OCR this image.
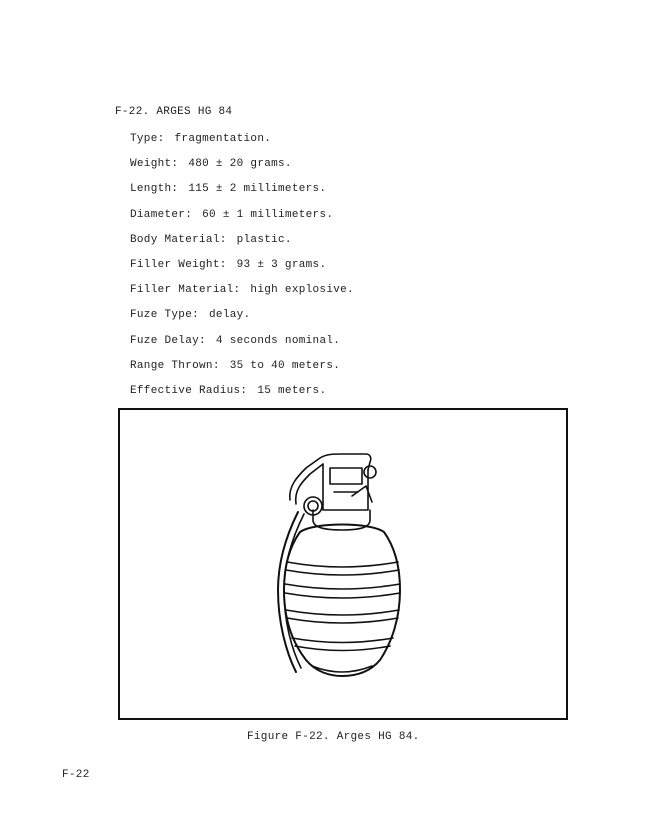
F-22. ARGES HG 84
Type: fragmentation.
Weight: 480 ± 20 grams.
Length: 115 ± 2 millimeters.
Diameter: 60 ± 1 millimeters.
Body Material: plastic.
Filler Weight: 93 ± 3 grams.
Filler Material: high explosive.
Fuze Type: delay.
Fuze Delay: 4 seconds nominal.
Range Thrown: 35 to 40 meters.
Effective Radius: 15 meters.
Figure F-22. Arges HG 84.
F-22
